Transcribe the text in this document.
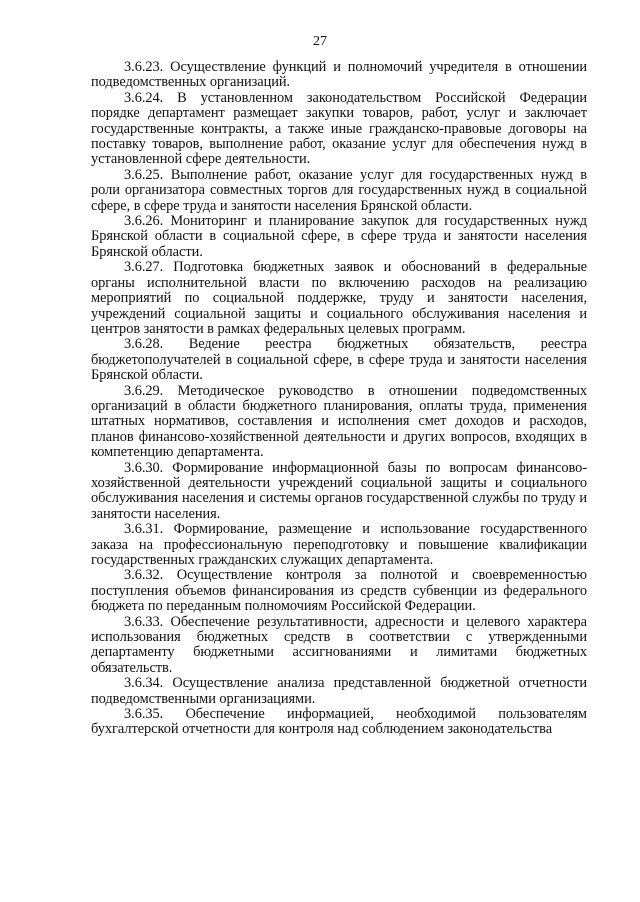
27

3.6.23. Осуществление функций и полномочий учредителя в отношении подведомственных организаций.

3.6.24. В установленном законодательством Российской Федерации порядке департамент размещает закупки товаров, работ, услуг и заключает государственные контракты, а также иные гражданско-правовые договоры на поставку товаров, выполнение работ, оказание услуг для обеспечения нужд в установленной сфере деятельности.

3.6.25. Выполнение работ, оказание услуг для государственных нужд в роли организатора совместных торгов для государственных нужд в социальной сфере, в сфере труда и занятости населения Брянской области.

3.6.26. Мониторинг и планирование закупок для государственных нужд Брянской области в социальной сфере, в сфере труда и занятости населения Брянской области.

3.6.27. Подготовка бюджетных заявок и обоснований в федеральные органы исполнительной власти по включению расходов на реализацию мероприятий по социальной поддержке, труду и занятости населения, учреждений социальной защиты и социального обслуживания населения и центров занятости в рамках федеральных целевых программ.

3.6.28. Ведение реестра бюджетных обязательств, реестра бюджетополучателей в социальной сфере, в сфере труда и занятости населения Брянской области.

3.6.29. Методическое руководство в отношении подведомственных организаций в области бюджетного планирования, оплаты труда, применения штатных нормативов, составления и исполнения смет доходов и расходов, планов финансово-хозяйственной деятельности и других вопросов, входящих в компетенцию департамента.

3.6.30. Формирование информационной базы по вопросам финансово-хозяйственной деятельности учреждений социальной защиты и социального обслуживания населения и системы органов государственной службы по труду и занятости населения.

3.6.31. Формирование, размещение и использование государственного заказа на профессиональную переподготовку и повышение квалификации государственных гражданских служащих департамента.

3.6.32. Осуществление контроля за полнотой и своевременностью поступления объемов финансирования из средств субвенции из федерального бюджета по переданным полномочиям Российской Федерации.

3.6.33. Обеспечение результативности, адресности и целевого характера использования бюджетных средств в соответствии с утвержденными департаменту бюджетными ассигнованиями и лимитами бюджетных обязательств.

3.6.34. Осуществление анализа представленной бюджетной отчетности подведомственными организациями.

3.6.35. Обеспечение информацией, необходимой пользователям бухгалтерской отчетности для контроля над соблюдением законодательства
